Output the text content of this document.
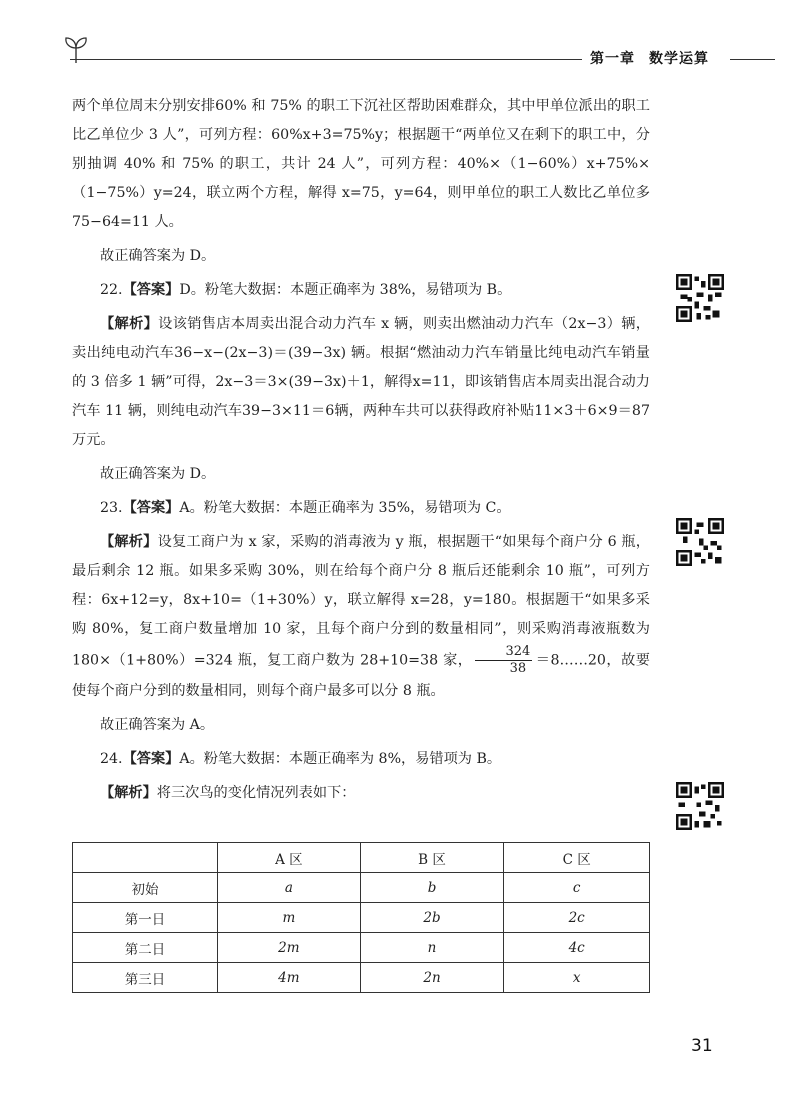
第一章 数学运算

两个单位周末分别安排60% 和 75% 的职工下沉社区帮助困难群众，其中甲单位派出的职工比乙单位少 3 人”，可列方程：60%x+3=75%y；根据题干“两单位又在剩下的职工中，分别抽调 40% 和 75% 的职工，共计 24 人”，可列方程：40%×（1−60%）x+75%×（1−75%）y=24，联立两个方程，解得 x=75，y=64，则甲单位的职工人数比乙单位多 75−64=11 人。

故正确答案为 D。

22.【答案】D。粉笔大数据：本题正确率为 38%，易错项为 B。

【解析】设该销售店本周卖出混合动力汽车 x 辆，则卖出燃油动力汽车（2x−3）辆，卖出纯电动汽车36−x−(2x−3)＝(39−3x) 辆。根据“燃油动力汽车销量比纯电动汽车销量的 3 倍多 1 辆”可得，2x−3＝3×(39−3x)＋1，解得x=11，即该销售店本周卖出混合动力汽车 11 辆，则纯电动汽车39−3×11＝6辆，两种车共可以获得政府补贴11×3＋6×9＝87万元。

故正确答案为 D。

23.【答案】A。粉笔大数据：本题正确率为 35%，易错项为 C。

【解析】设复工商户为 x 家，采购的消毒液为 y 瓶，根据题干“如果每个商户分 6 瓶，最后剩余 12 瓶。如果多采购 30%，则在给每个商户分 8 瓶后还能剩余 10 瓶”，可列方程：6x+12=y，8x+10=（1+30%）y，联立解得 x=28，y=180。根据题干“如果多采购 80%，复工商户数量增加 10 家，且每个商户分到的数量相同”，则采购消毒液瓶数为 180×（1+80%）=324 瓶，复工商户数为 28+10=38 家， $\frac{324}{38}$ ＝8……20，故要使每个商户分到的数量相同，则每个商户最多可以分 8 瓶。

故正确答案为 A。

24.【答案】A。粉笔大数据：本题正确率为 8%，易错项为 B。

【解析】将三次鸟的变化情况列表如下：

	A 区	B 区	C 区
初始	a	b	c
第一日	m	2b	2c
第二日	2m	n	4c
第三日	4m	2n	x
31
